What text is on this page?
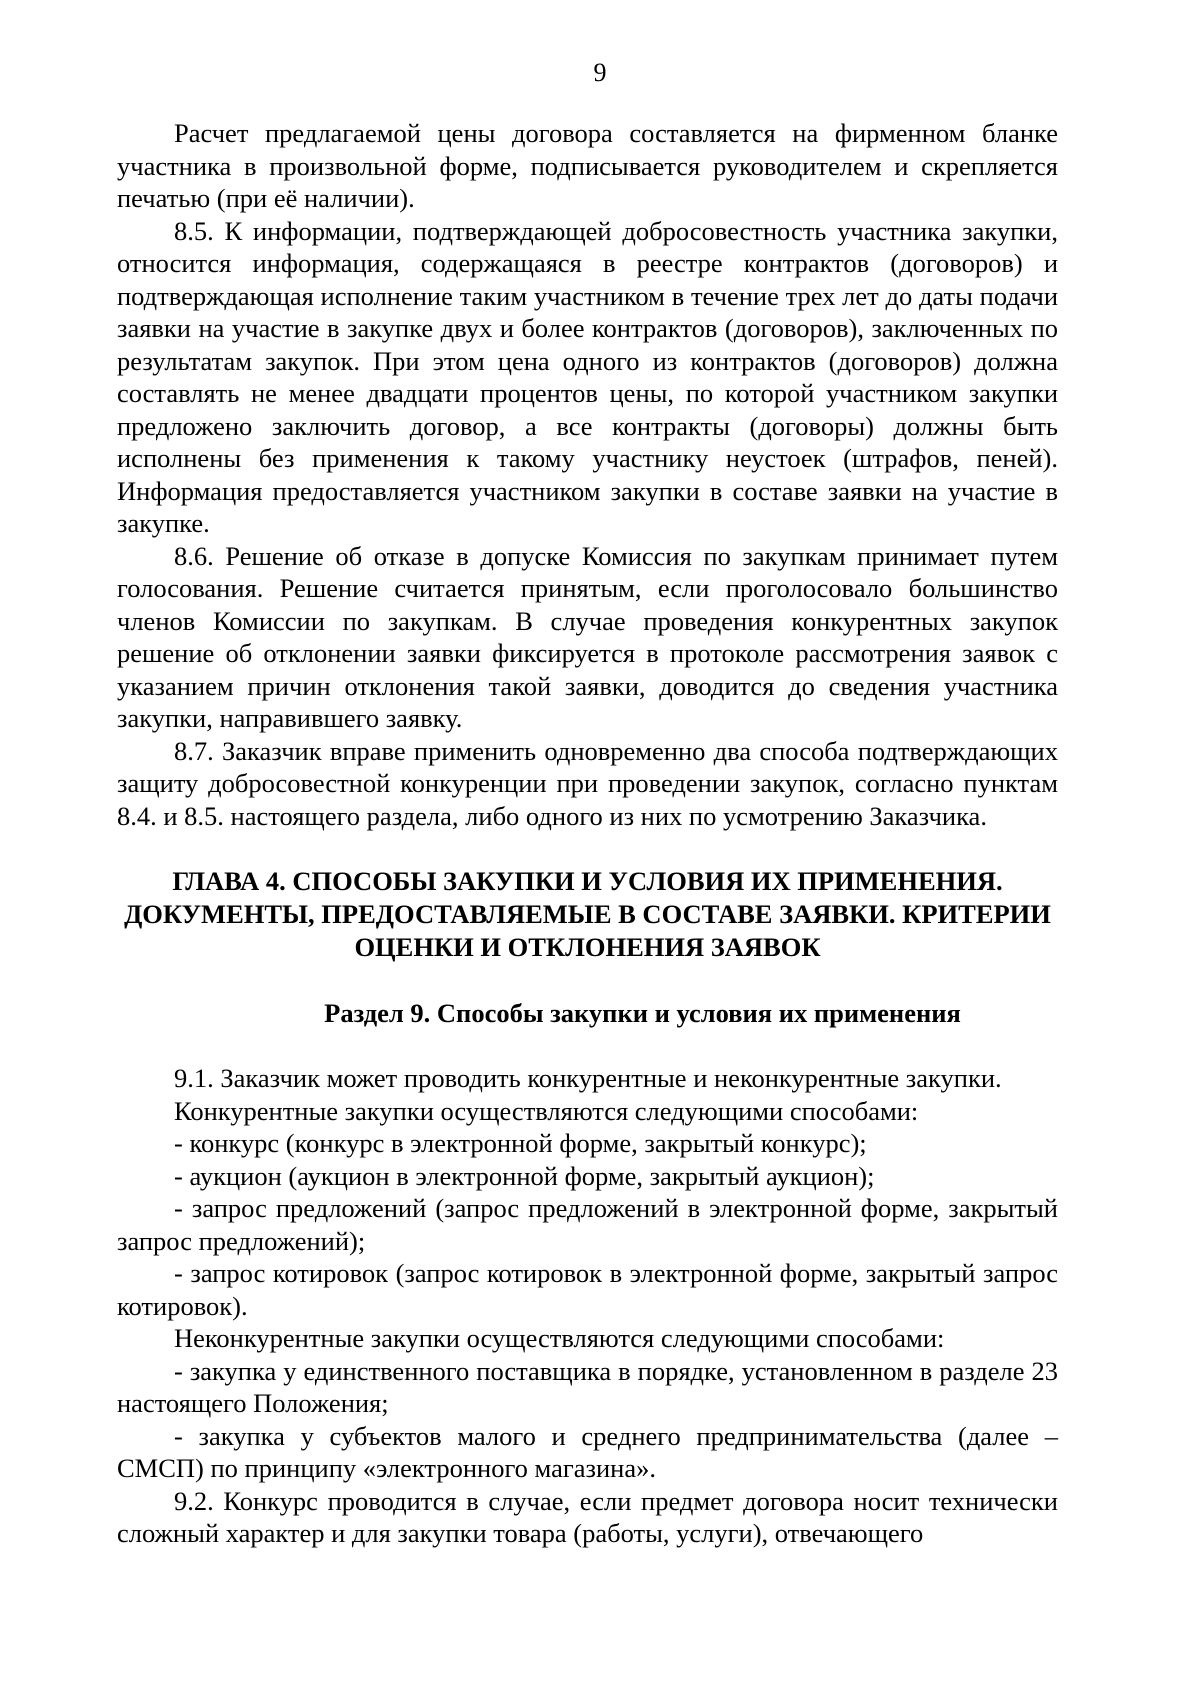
9

Расчет предлагаемой цены договора составляется на фирменном бланке участника в произвольной форме, подписывается руководителем и скрепляется печатью (при её наличии).

8.5. К информации, подтверждающей добросовестность участника закупки, относится информация, содержащаяся в реестре контрактов (договоров) и подтверждающая исполнение таким участником в течение трех лет до даты подачи заявки на участие в закупке двух и более контрактов (договоров), заключенных по результатам закупок. При этом цена одного из контрактов (договоров) должна составлять не менее двадцати процентов цены, по которой участником закупки предложено заключить договор, а все контракты (договоры) должны быть исполнены без применения к такому участнику неустоек (штрафов, пеней). Информация предоставляется участником закупки в составе заявки на участие в закупке.

8.6. Решение об отказе в допуске Комиссия по закупкам принимает путем голосования. Решение считается принятым, если проголосовало большинство членов Комиссии по закупкам. В случае проведения конкурентных закупок решение об отклонении заявки фиксируется в протоколе рассмотрения заявок с указанием причин отклонения такой заявки, доводится до сведения участника закупки, направившего заявку.

8.7. Заказчик вправе применить одновременно два способа подтверждающих защиту добросовестной конкуренции при проведении закупок, согласно пунктам 8.4. и 8.5. настоящего раздела, либо одного из них по усмотрению Заказчика.

ГЛАВА 4. СПОСОБЫ ЗАКУПКИ И УСЛОВИЯ ИХ ПРИМЕНЕНИЯ.
ДОКУМЕНТЫ, ПРЕДОСТАВЛЯЕМЫЕ В СОСТАВЕ ЗАЯВКИ. КРИТЕРИИ
ОЦЕНКИ И ОТКЛОНЕНИЯ ЗАЯВОК
Раздел 9. Способы закупки и условия их применения

9.1. Заказчик может проводить конкурентные и неконкурентные закупки.

Конкурентные закупки осуществляются следующими способами:

- конкурс (конкурс в электронной форме, закрытый конкурс);

- аукцион (аукцион в электронной форме, закрытый аукцион);

- запрос предложений (запрос предложений в электронной форме, закрытый запрос предложений);

- запрос котировок (запрос котировок в электронной форме, закрытый запрос котировок).

Неконкурентные закупки осуществляются следующими способами:

- закупка у единственного поставщика в порядке, установленном в разделе 23 настоящего Положения;

- закупка у субъектов малого и среднего предпринимательства (далее – СМСП) по принципу «электронного магазина».

9.2. Конкурс проводится в случае, если предмет договора носит технически сложный характер и для закупки товара (работы, услуги), отвечающего
